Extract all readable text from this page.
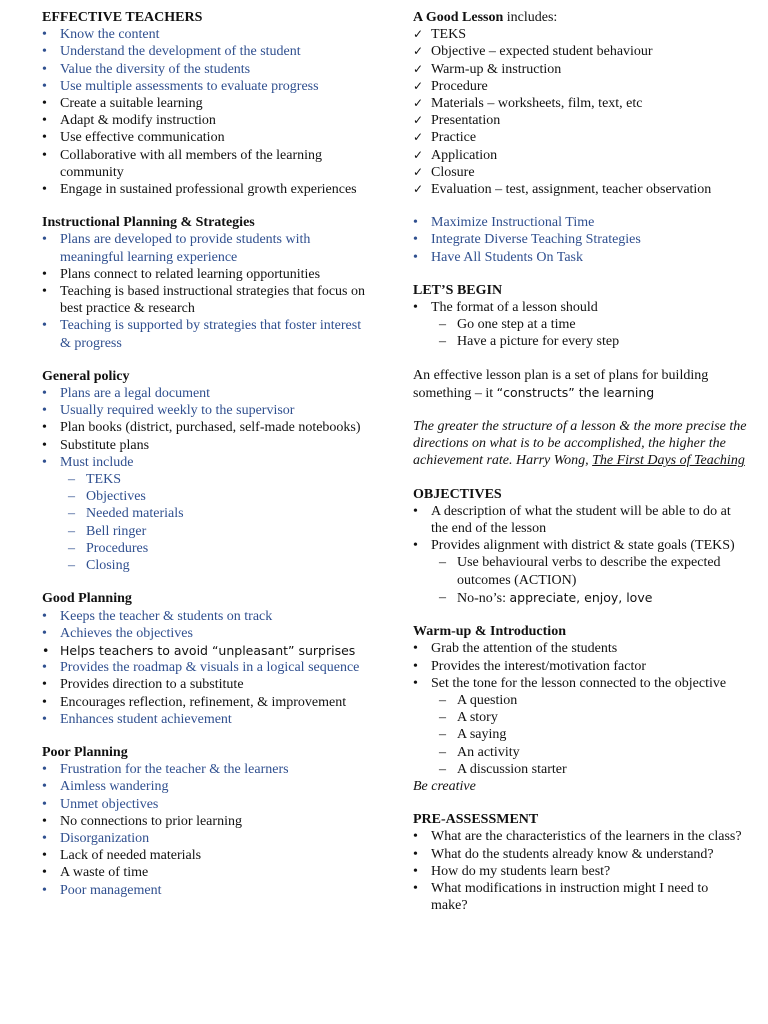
EFFECTIVE TEACHERS

• Know the content
• Understand the development of the student
• Value the diversity of the students
• Use multiple assessments to evaluate progress
• Create a suitable learning
• Adapt & modify instruction
• Use effective communication
• Collaborative with all members of the learning community
• Engage in sustained professional growth experiences

Instructional Planning & Strategies

• Plans are developed to provide students with meaningful learning experience
• Plans connect to related learning opportunities
• Teaching is based instructional strategies that focus on best practice & research
• Teaching is supported by strategies that foster interest & progress

General policy

• Plans are a legal document
• Usually required weekly to the supervisor
• Plan books (district, purchased, self-made notebooks)
• Substitute plans
• Must include
– TEKS
– Objectives
– Needed materials
– Bell ringer
– Procedures
– Closing

Good Planning

• Keeps the teacher & students on track
• Achieves the objectives
• Helps teachers to avoid “unpleasant” surprises
• Provides the roadmap & visuals in a logical sequence
• Provides direction to a substitute
• Encourages reflection, refinement, & improvement
• Enhances student achievement

Poor Planning

• Frustration for the teacher & the learners
• Aimless wandering
• Unmet objectives
• No connections to prior learning
• Disorganization
• Lack of needed materials
• A waste of time
• Poor management

A Good Lesson includes:

✓ TEKS
✓ Objective – expected student behaviour
✓ Warm-up & instruction
✓ Procedure
✓ Materials – worksheets, film, text, etc
✓ Presentation
✓ Practice
✓ Application
✓ Closure
✓ Evaluation – test, assignment, teacher observation
• Maximize Instructional Time
• Integrate Diverse Teaching Strategies
• Have All Students On Task

LET’S BEGIN

• The format of a lesson should
– Go one step at a time
– Have a picture for every step

An effective lesson plan is a set of plans for building something – it “constructs” the learning

The greater the structure of a lesson & the more precise the directions on what is to be accomplished, the higher the achievement rate. Harry Wong, The First Days of Teaching

OBJECTIVES

• A description of what the student will be able to do at the end of the lesson
• Provides alignment with district & state goals (TEKS)
– Use behavioural verbs to describe the expected outcomes (ACTION)
– No-no’s: appreciate, enjoy, love

Warm-up & Introduction

• Grab the attention of the students
• Provides the interest/motivation factor
• Set the tone for the lesson connected to the objective
– A question
– A story
– A saying
– An activity
– A discussion starter

Be creative

PRE-ASSESSMENT

• What are the characteristics of the learners in the class?
• What do the students already know & understand?
• How do my students learn best?
• What modifications in instruction might I need to make?
